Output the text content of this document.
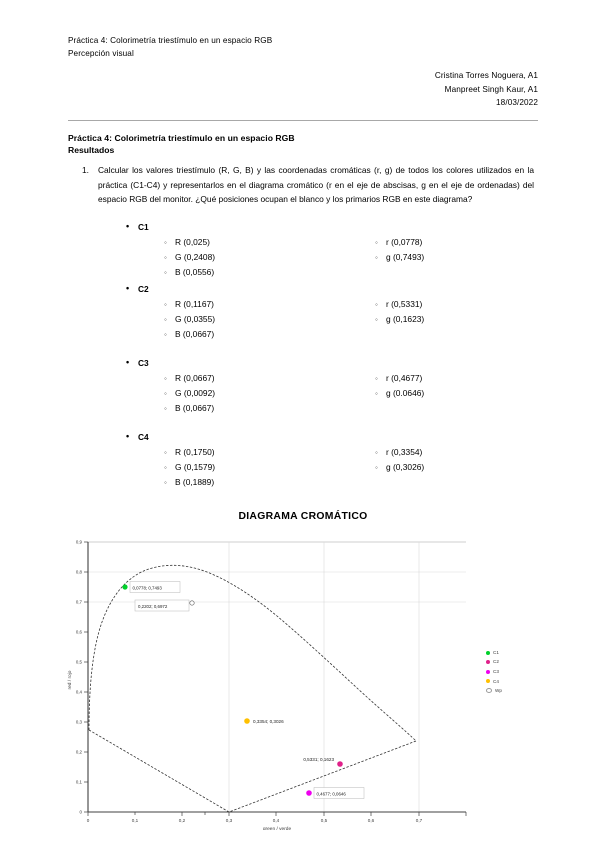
Práctica 4: Colorimetría triestímulo en un espacio RGB
Percepción visual
Cristina Torres Noguera, A1
Manpreet Singh Kaur, A1
18/03/2022
Práctica 4: Colorimetría triestímulo en un espacio RGB
Resultados
1.	Calcular los valores triestímulo (R, G, B) y las coordenadas cromáticas (r, g) de todos los colores utilizados en la práctica (C1-C4) y representarlos en el diagrama cromático (r en el eje de abscisas, g en el eje de ordenadas) del espacio RGB del monitor. ¿Qué posiciones ocupan el blanco y los primarios RGB en este diagrama?
• C1
◦ R (0,025)	◦ r (0,0778)
◦ G (0,2408)	◦ g (0,7493)
◦ B (0,0556)
• C2
◦ R (0,1167)	◦ r (0,5331)
◦ G (0,0355)	◦ g (0,1623)
◦ B (0,0667)
• C3
◦ R (0,0667)	◦ r (0,4677)
◦ G (0,0092)	◦ g (0.0646)
◦ B (0,0667)
• C4
◦ R (0,1750)	◦ r (0,3354)
◦ G (0,1579)	◦ g (0,3026)
◦ B (0,1889)
DIAGRAMA CROMÁTICO
0,9
0,8
0,7
0,6
0,5
0,4
0,3
0,2
0,1
0
0	0,1	0,2	0,3	0,4	0,5	0,6	0,7
green / verde
red / rojo
0,0778; 0,7493
0,2202; 0,6972
0,3354; 0,3026
0,5331; 0,1623
0,4677; 0,0646
C1
C2
C3
C4
Wp
